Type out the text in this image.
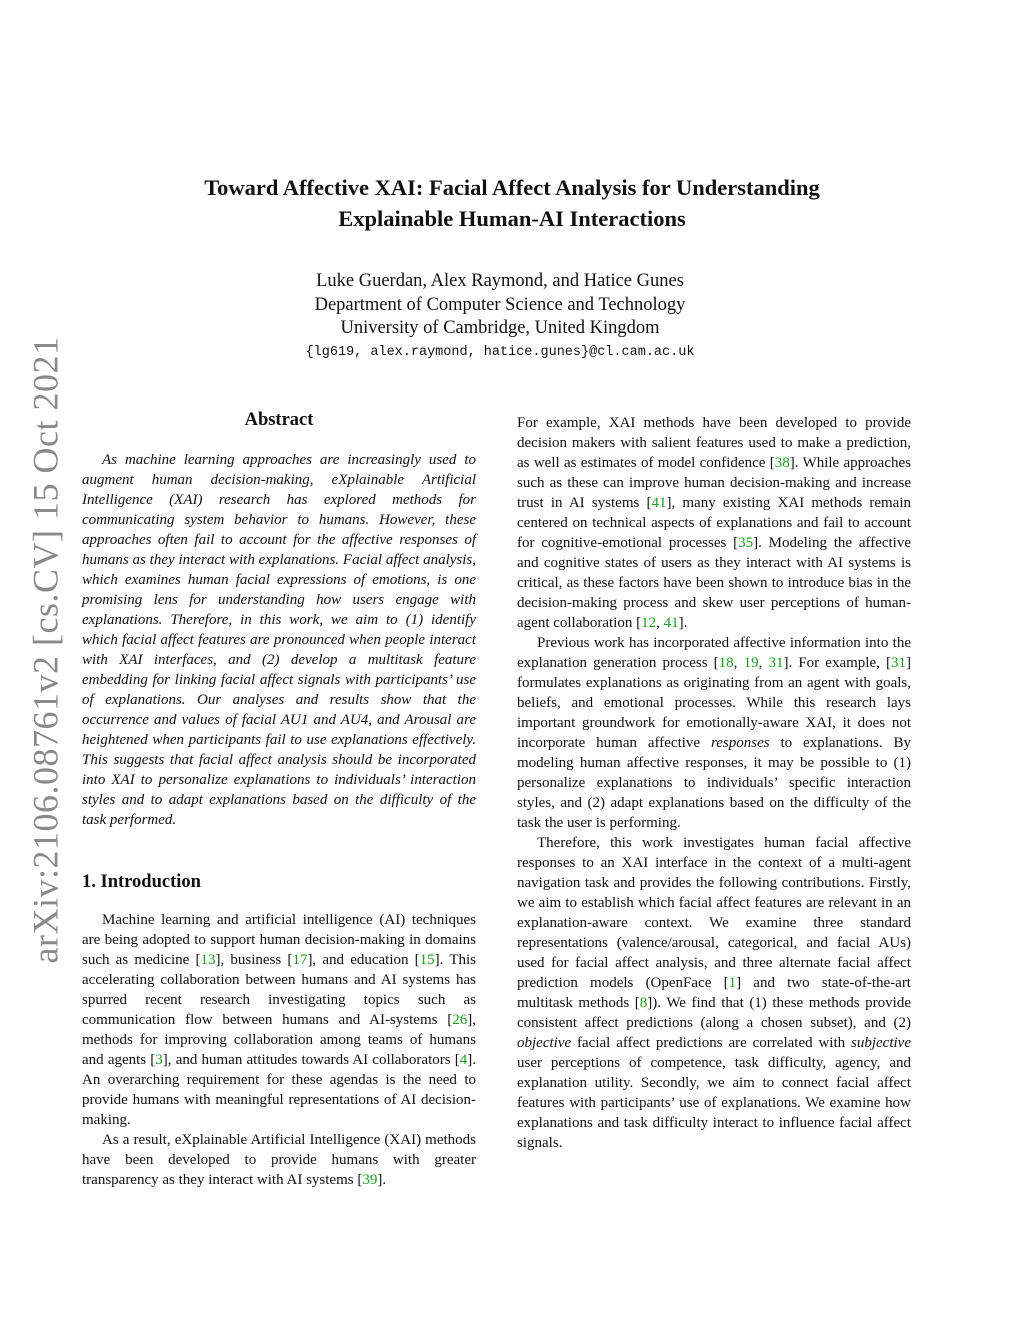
arXiv:2106.08761v2 [cs.CV] 15 Oct 2021
Toward Affective XAI: Facial Affect Analysis for Understanding
Explainable Human-AI Interactions
Luke Guerdan, Alex Raymond, and Hatice Gunes
Department of Computer Science and Technology
University of Cambridge, United Kingdom
{lg619, alex.raymond, hatice.gunes}@cl.cam.ac.uk
Abstract

As machine learning approaches are increasingly used to augment human decision-making, eXplainable Artificial Intelligence (XAI) research has explored methods for communicating system behavior to humans. However, these approaches often fail to account for the affective responses of humans as they interact with explanations. Facial affect analysis, which examines human facial expressions of emotions, is one promising lens for understanding how users engage with explanations. Therefore, in this work, we aim to (1) identify which facial affect features are pronounced when people interact with XAI interfaces, and (2) develop a multitask feature embedding for linking facial affect signals with participants’ use of explanations. Our analyses and results show that the occurrence and values of facial AU1 and AU4, and Arousal are heightened when participants fail to use explanations effectively. This suggests that facial affect analysis should be incorporated into XAI to personalize explanations to individuals’ interaction styles and to adapt explanations based on the difficulty of the task performed.

1. Introduction

Machine learning and artificial intelligence (AI) techniques are being adopted to support human decision-making in domains such as medicine [13], business [17], and education [15]. This accelerating collaboration between humans and AI systems has spurred recent research investigating topics such as communication flow between humans and AI-systems [26], methods for improving collaboration among teams of humans and agents [3], and human attitudes towards AI collaborators [4]. An overarching requirement for these agendas is the need to provide humans with meaningful representations of AI decision-making.

As a result, eXplainable Artificial Intelligence (XAI) methods have been developed to provide humans with greater transparency as they interact with AI systems [39].

For example, XAI methods have been developed to provide decision makers with salient features used to make a prediction, as well as estimates of model confidence [38]. While approaches such as these can improve human decision-making and increase trust in AI systems [41], many existing XAI methods remain centered on technical aspects of explanations and fail to account for cognitive-emotional processes [35]. Modeling the affective and cognitive states of users as they interact with AI systems is critical, as these factors have been shown to introduce bias in the decision-making process and skew user perceptions of human-agent collaboration [12, 41].

Previous work has incorporated affective information into the explanation generation process [18, 19, 31]. For example, [31] formulates explanations as originating from an agent with goals, beliefs, and emotional processes. While this research lays important groundwork for emotionally-aware XAI, it does not incorporate human affective responses to explanations. By modeling human affective responses, it may be possible to (1) personalize explanations to individuals’ specific interaction styles, and (2) adapt explanations based on the difficulty of the task the user is performing.

Therefore, this work investigates human facial affective responses to an XAI interface in the context of a multi-agent navigation task and provides the following contributions. Firstly, we aim to establish which facial affect features are relevant in an explanation-aware context. We examine three standard representations (valence/arousal, categorical, and facial AUs) used for facial affect analysis, and three alternate facial affect prediction models (OpenFace [1] and two state-of-the-art multitask methods [8]). We find that (1) these methods provide consistent affect predictions (along a chosen subset), and (2) objective facial affect predictions are correlated with subjective user perceptions of competence, task difficulty, agency, and explanation utility. Secondly, we aim to connect facial affect features with participants’ use of explanations. We examine how explanations and task difficulty interact to influence facial affect signals.
